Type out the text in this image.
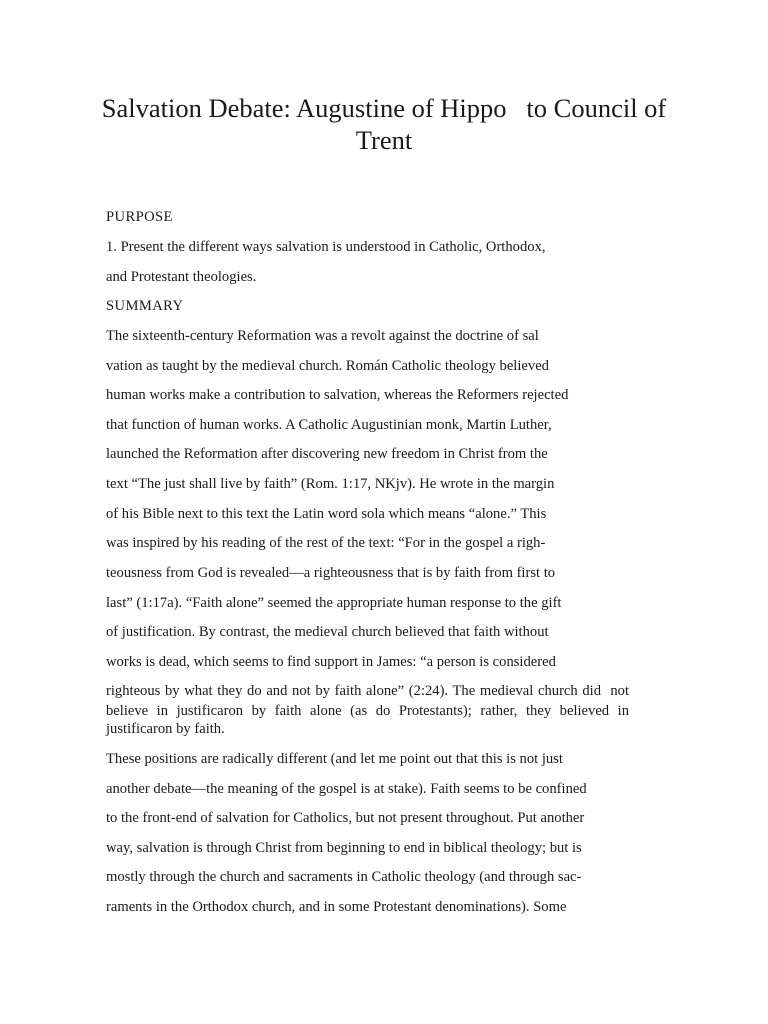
Salvation Debate: Augustine of Hippo   to Council of
Trent
PURPOSE
1. Present the different ways salvation is understood in Catholic, Orthodox,
and Protestant theologies.
SUMMARY
The sixteenth-century Reformation was a revolt against the doctrine of sal
vation as taught by the medieval church. Román Catholic theology believed
human works make a contribution to salvation, whereas the Reformers rejected
that function of human works. A Catholic Augustinian monk, Martin Luther,
launched the Reformation after discovering new freedom in Christ from the
text “The just shall live by faith” (Rom. 1:17, NKjv). He wrote in the margin
of his Bible next to this text the Latin word sola which means “alone.” This
was inspired by his reading of the rest of the text: “For in the gospel a righ-
teousness from God is revealed—a righteousness that is by faith from first to
last” (1:17a). “Faith alone” seemed the appropriate human response to the gift
of justification. By contrast, the medieval church believed that faith without
works is dead, which seems to find support in James: “a person is considered
righteous by what they do and not by faith alone” (2:24). The medieval church did  not
believe in justificaron by faith alone (as do Protestants); rather, they believed in
justificaron by faith.
These positions are radically different (and let me point out that this is not just
another debate—the meaning of the gospel is at stake). Faith seems to be confined
to the front-end of salvation for Catholics, but not present throughout. Put another
way, salvation is through Christ from beginning to end in biblical theology; but is
mostly through the church and sacraments in Catholic theology (and through sac-
raments in the Orthodox church, and in some Protestant denominations). Some
